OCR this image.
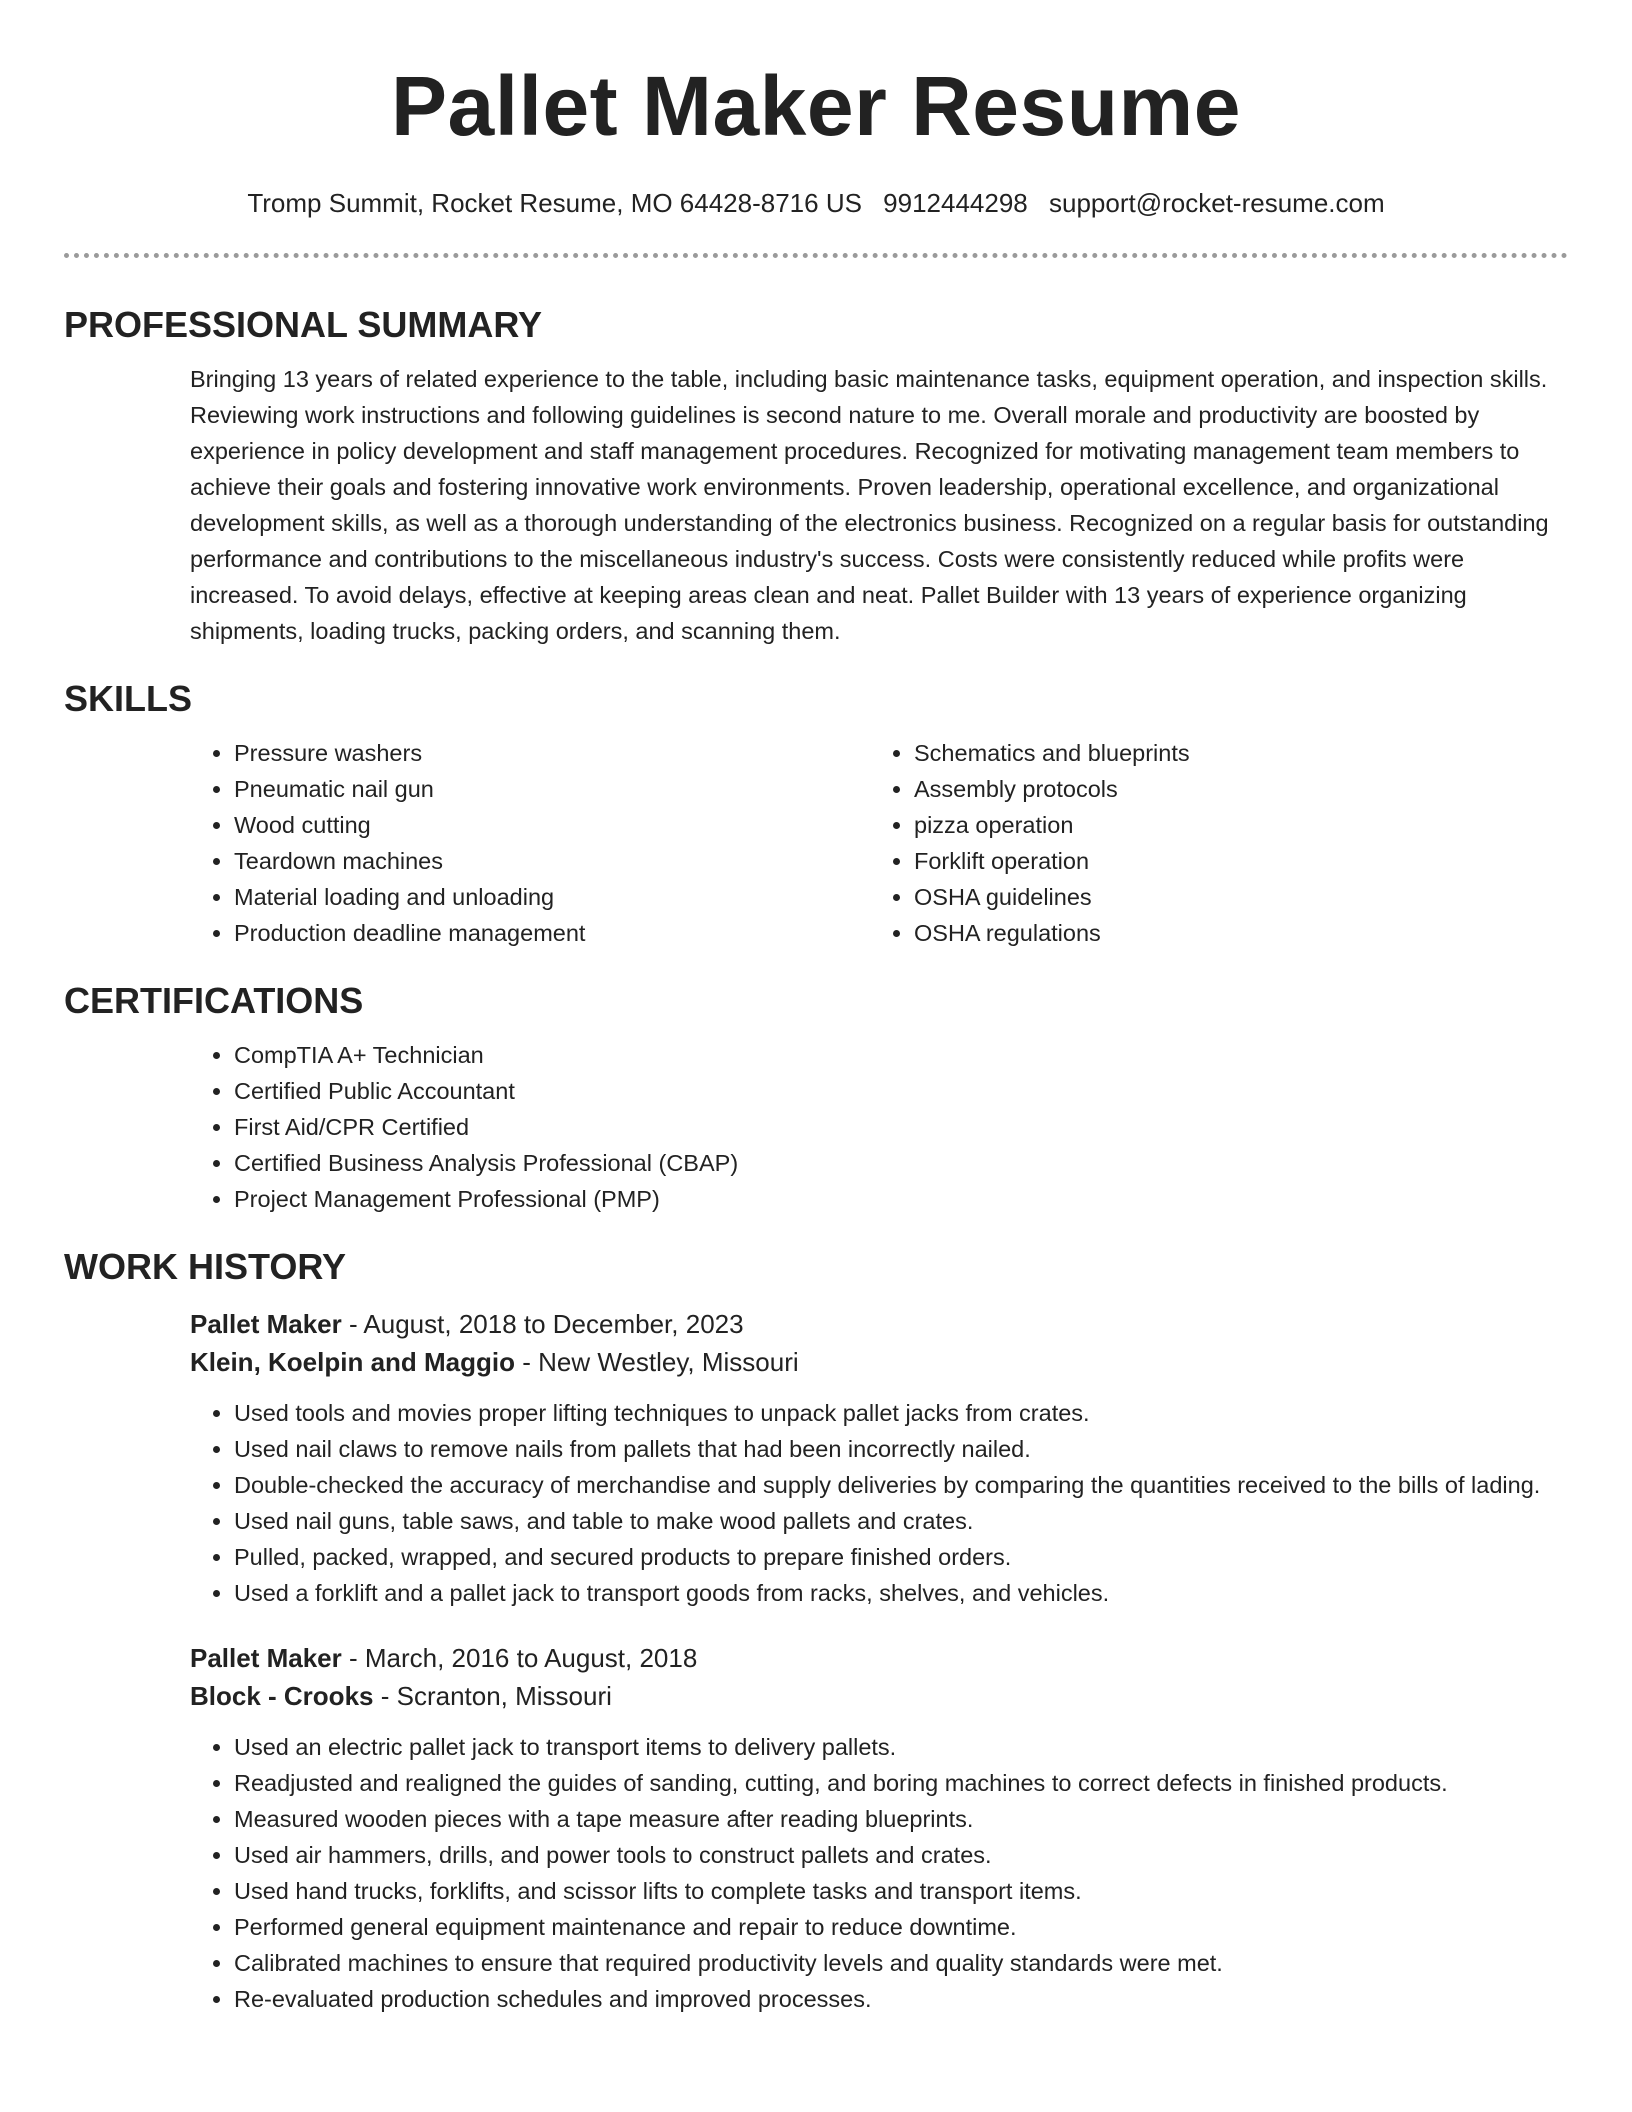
Pallet Maker Resume
Tromp Summit, Rocket Resume, MO 64428-8716 US 9912444298 support@rocket-resume.com
PROFESSIONAL SUMMARY

Bringing 13 years of related experience to the table, including basic maintenance tasks, equipment operation, and inspection skills. Reviewing work instructions and following guidelines is second nature to me. Overall morale and productivity are boosted by experience in policy development and staff management procedures. Recognized for motivating management team members to achieve their goals and fostering innovative work environments. Proven leadership, operational excellence, and organizational development skills, as well as a thorough understanding of the electronics business. Recognized on a regular basis for outstanding performance and contributions to the miscellaneous industry's success. Costs were consistently reduced while profits were increased. To avoid delays, effective at keeping areas clean and neat. Pallet Builder with 13 years of experience organizing shipments, loading trucks, packing orders, and scanning them.

SKILLS
• Pressure washers
• Pneumatic nail gun
• Wood cutting
• Teardown machines
• Material loading and unloading
• Production deadline management
• Schematics and blueprints
• Assembly protocols
• pizza operation
• Forklift operation
• OSHA guidelines
• OSHA regulations
CERTIFICATIONS
• CompTIA A+ Technician
• Certified Public Accountant
• First Aid/CPR Certified
• Certified Business Analysis Professional (CBAP)
• Project Management Professional (PMP)
WORK HISTORY
Pallet Maker - August, 2018 to December, 2023
Klein, Koelpin and Maggio - New Westley, Missouri
• Used tools and movies proper lifting techniques to unpack pallet jacks from crates.
• Used nail claws to remove nails from pallets that had been incorrectly nailed.
• Double-checked the accuracy of merchandise and supply deliveries by comparing the quantities received to the bills of lading.
• Used nail guns, table saws, and table to make wood pallets and crates.
• Pulled, packed, wrapped, and secured products to prepare finished orders.
• Used a forklift and a pallet jack to transport goods from racks, shelves, and vehicles.
Pallet Maker - March, 2016 to August, 2018
Block - Crooks - Scranton, Missouri
• Used an electric pallet jack to transport items to delivery pallets.
• Readjusted and realigned the guides of sanding, cutting, and boring machines to correct defects in finished products.
• Measured wooden pieces with a tape measure after reading blueprints.
• Used air hammers, drills, and power tools to construct pallets and crates.
• Used hand trucks, forklifts, and scissor lifts to complete tasks and transport items.
• Performed general equipment maintenance and repair to reduce downtime.
• Calibrated machines to ensure that required productivity levels and quality standards were met.
• Re-evaluated production schedules and improved processes.
